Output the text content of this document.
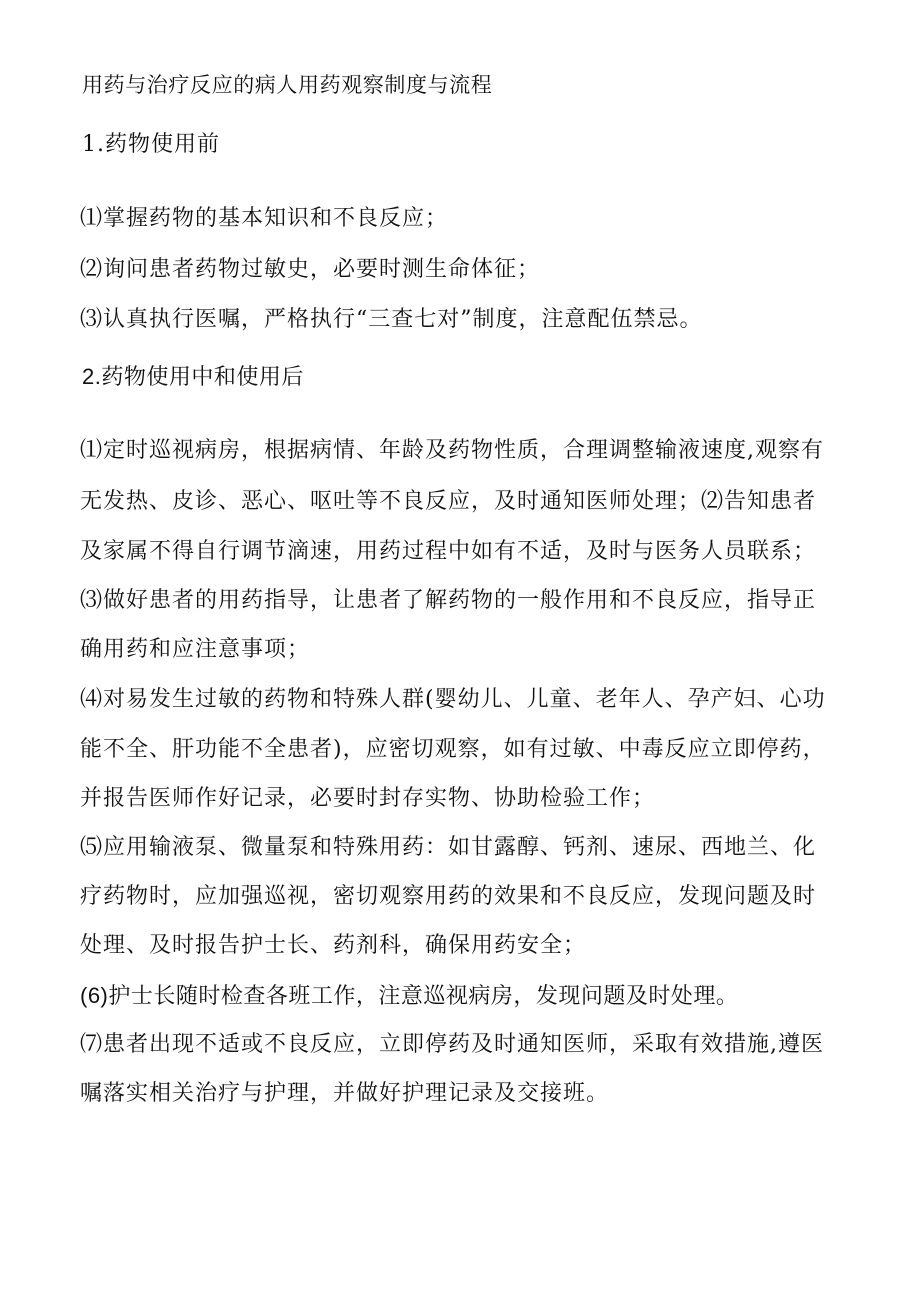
用药与治疗反应的病人用药观察制度与流程
1.药物使用前
⑴掌握药物的基本知识和不良反应；
⑵询问患者药物过敏史，必要时测生命体征；
⑶认真执行医嘱，严格执行“三查七对”制度，注意配伍禁忌。
2.药物使用中和使用后
⑴定时巡视病房，根据病情、年龄及药物性质，合理调整输液速度,观察有
无发热、皮诊、恶心、呕吐等不良反应，及时通知医师处理；⑵告知患者
及家属不得自行调节滴速，用药过程中如有不适，及时与医务人员联系；
⑶做好患者的用药指导，让患者了解药物的一般作用和不良反应，指导正
确用药和应注意事项；
⑷对易发生过敏的药物和特殊人群(婴幼儿、儿童、老年人、孕产妇、心功
能不全、肝功能不全患者)，应密切观察，如有过敏、中毒反应立即停药，
并报告医师作好记录，必要时封存实物、协助检验工作；
⑸应用输液泵、微量泵和特殊用药：如甘露醇、钙剂、速尿、西地兰、化
疗药物时，应加强巡视，密切观察用药的效果和不良反应，发现问题及时
处理、及时报告护士长、药剂科，确保用药安全；
(6)护士长随时检查各班工作，注意巡视病房，发现问题及时处理。
⑺患者出现不适或不良反应，立即停药及时通知医师，采取有效措施,遵医
嘱落实相关治疗与护理，并做好护理记录及交接班。
